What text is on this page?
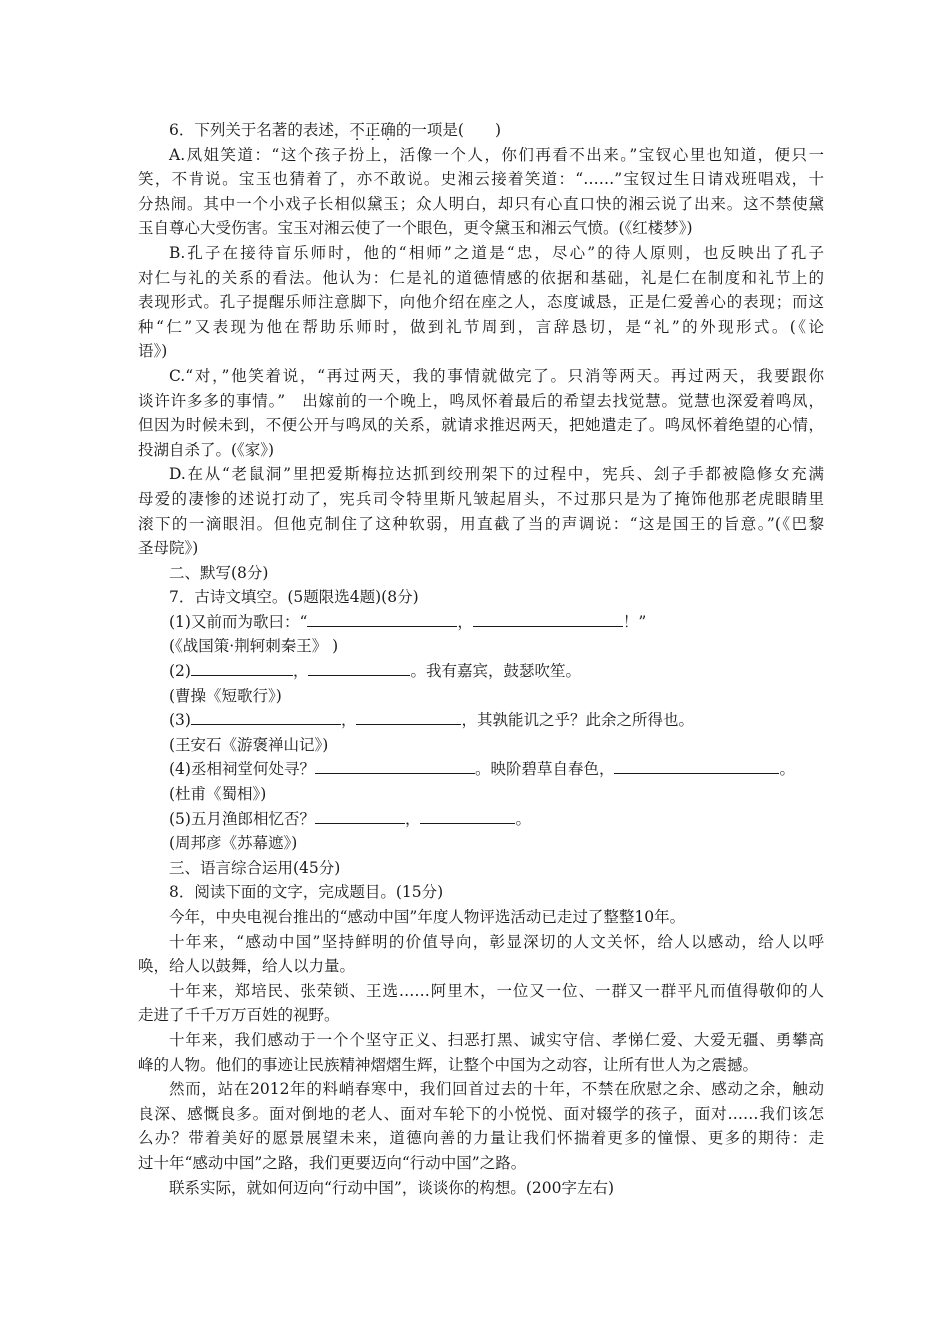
6．下列关于名著的表述，不正确的一项是(　　)
A.凤姐笑道：“这个孩子扮上，活像一个人，你们再看不出来。”宝钗心里也知道，便只一
笑，不肯说。宝玉也猜着了，亦不敢说。史湘云接着笑道：“……”宝钗过生日请戏班唱戏，十
分热闹。其中一个小戏子长相似黛玉；众人明白，却只有心直口快的湘云说了出来。这不禁使黛
玉自尊心大受伤害。宝玉对湘云使了一个眼色，更令黛玉和湘云气愤。(《红楼梦》)
B.孔子在接待盲乐师时，他的“相师”之道是“忠，尽心”的待人原则，也反映出了孔子
对仁与礼的关系的看法。他认为：仁是礼的道德情感的依据和基础，礼是仁在制度和礼节上的
表现形式。孔子提醒乐师注意脚下，向他介绍在座之人，态度诚恳，正是仁爱善心的表现；而这
种“仁”又表现为他在帮助乐师时，做到礼节周到，言辞恳切，是“礼”的外现形式。(《论
语》)
C.“对，”他笑着说，“再过两天，我的事情就做完了。只消等两天。再过两天，我要跟你
谈许许多多的事情。”　出嫁前的一个晚上，鸣凤怀着最后的希望去找觉慧。觉慧也深爱着鸣凤，
但因为时候未到，不便公开与鸣凤的关系，就请求推迟两天，把她遣走了。鸣凤怀着绝望的心情，
投湖自杀了。(《家》)
D.在从“老鼠洞”里把爱斯梅拉达抓到绞刑架下的过程中，宪兵、刽子手都被隐修女充满
母爱的凄惨的述说打动了，宪兵司令特里斯凡皱起眉头，不过那只是为了掩饰他那老虎眼睛里
滚下的一滴眼泪。但他克制住了这种软弱，用直截了当的声调说：“这是国王的旨意。”(《巴黎
圣母院》)
二、默写(8分)
7．古诗文填空。(5题限选4题)(8分)
(1)又前而为歌曰：“	，	！”
(《战国策·荆轲刺秦王》 )
(2)	，	。我有嘉宾，鼓瑟吹笙。
(曹操《短歌行》)
(3)	，	，其孰能讥之乎？此余之所得也。
(王安石《游褒禅山记》)
(4)丞相祠堂何处寻？	。映阶碧草自春色，	。
(杜甫《蜀相》)
(5)五月渔郎相忆否？	，	。
(周邦彦《苏幕遮》)
三、语言综合运用(45分)
8．阅读下面的文字，完成题目。(15分)
今年，中央电视台推出的“感动中国”年度人物评选活动已走过了整整10年。
十年来，“感动中国”坚持鲜明的价值导向，彰显深切的人文关怀，给人以感动，给人以呼
唤，给人以鼓舞，给人以力量。
十年来，郑培民、张荣锁、王选……阿里木，一位又一位、一群又一群平凡而值得敬仰的人
走进了千千万万百姓的视野。
十年来，我们感动于一个个坚守正义、扫恶打黑、诚实守信、孝悌仁爱、大爱无疆、勇攀高
峰的人物。他们的事迹让民族精神熠熠生辉，让整个中国为之动容，让所有世人为之震撼。
然而，站在2012年的料峭春寒中，我们回首过去的十年，不禁在欣慰之余、感动之余，触动
良深、感慨良多。面对倒地的老人、面对车轮下的小悦悦、面对辍学的孩子，面对……我们该怎
么办？带着美好的愿景展望未来，道德向善的力量让我们怀揣着更多的憧憬、更多的期待：走
过十年“感动中国”之路，我们更要迈向“行动中国”之路。
联系实际，就如何迈向“行动中国”，谈谈你的构想。(200字左右)
